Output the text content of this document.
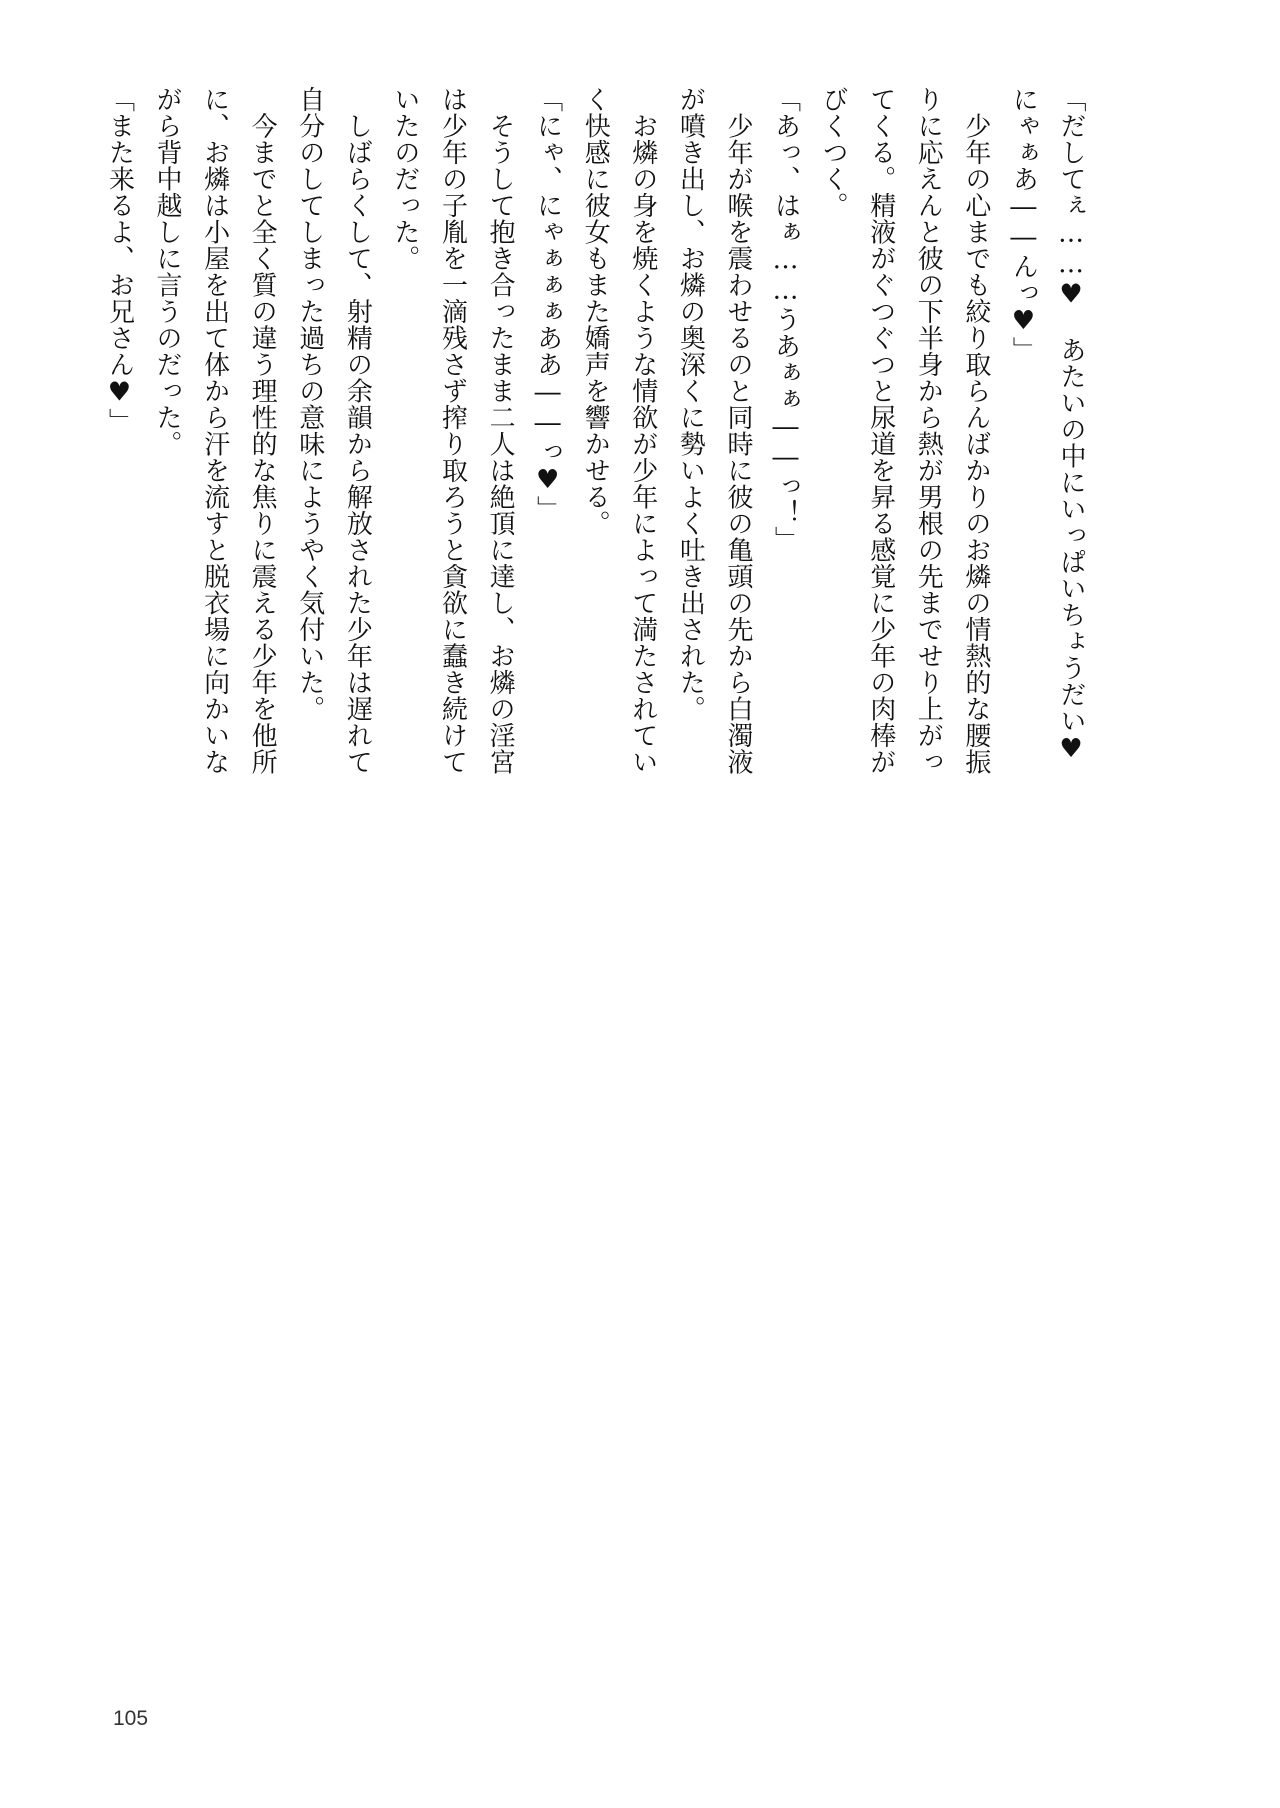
「だしてぇ……♥　あたいの中にいっぱいちょうだい♥
にゃぁあ――んっ♥」
　少年の心までも絞り取らんばかりのお燐の情熱的な腰振
りに応えんと彼の下半身から熱が男根の先までせり上がっ
てくる。精液がぐつぐつと尿道を昇る感覚に少年の肉棒が
びくつく。
「あっ、はぁ……うあぁぁ――っ！」
　少年が喉を震わせるのと同時に彼の亀頭の先から白濁液
が噴き出し、お燐の奥深くに勢いよく吐き出された。
　お燐の身を焼くような情欲が少年によって満たされてい
く快感に彼女もまた嬌声を響かせる。
「にゃ、にゃぁぁぁああ――っ♥」
　そうして抱き合ったまま二人は絶頂に達し、お燐の淫宮
は少年の子胤を一滴残さず搾り取ろうと貪欲に蠢き続けて
いたのだった。
　しばらくして、射精の余韻から解放された少年は遅れて
自分のしてしまった過ちの意味にようやく気付いた。
　今までと全く質の違う理性的な焦りに震える少年を他所
に、お燐は小屋を出て体から汗を流すと脱衣場に向かいな
がら背中越しに言うのだった。
「また来るよ、お兄さん♥」
105
